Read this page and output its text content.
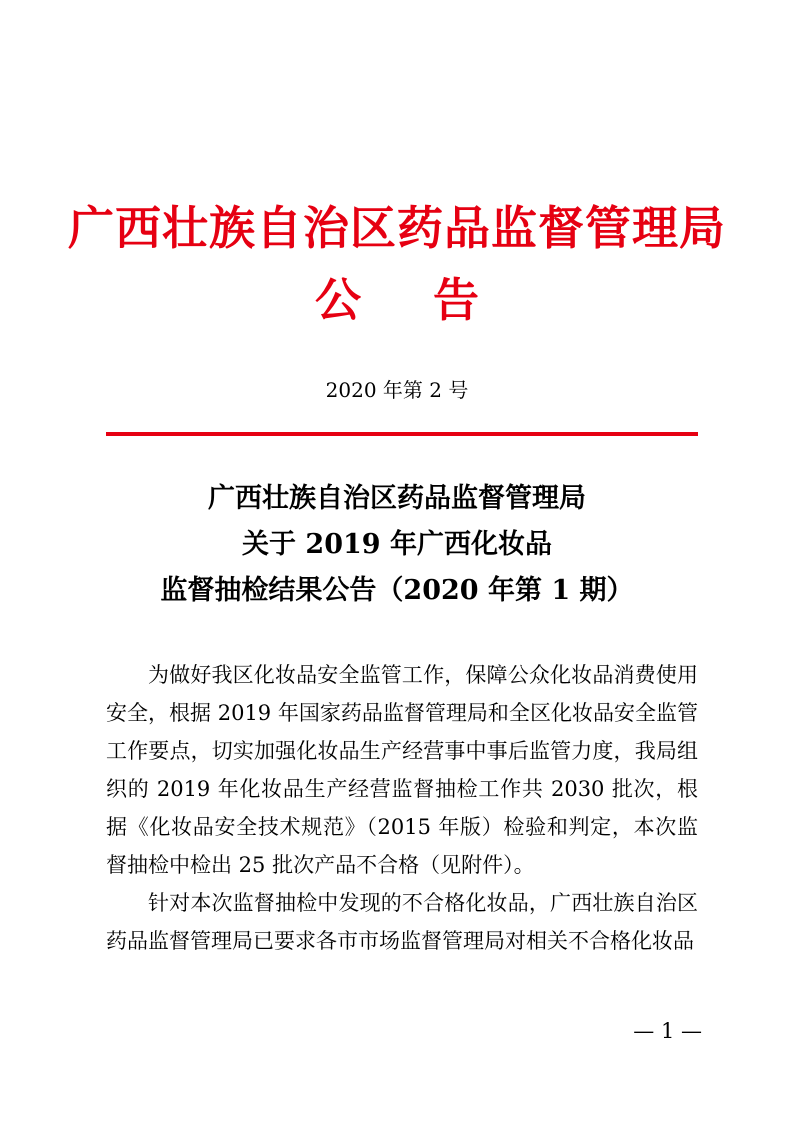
广西壮族自治区药品监督管理局
公告
2020 年第 2 号
广西壮族自治区药品监督管理局
关于 2019 年广西化妆品
监督抽检结果公告（2020 年第 1 期）

为做好我区化妆品安全监管工作，保障公众化妆品消费使用安全，根据 2019 年国家药品监督管理局和全区化妆品安全监管工作要点，切实加强化妆品生产经营事中事后监管力度，我局组织的 2019 年化妆品生产经营监督抽检工作共 2030 批次，根据《化妆品安全技术规范》（2015 年版）检验和判定，本次监督抽检中检出 25 批次产品不合格（见附件）。

针对本次监督抽检中发现的不合格化妆品，广西壮族自治区药品监督管理局已要求各市市场监督管理局对相关不合格化妆品

— 1 —
